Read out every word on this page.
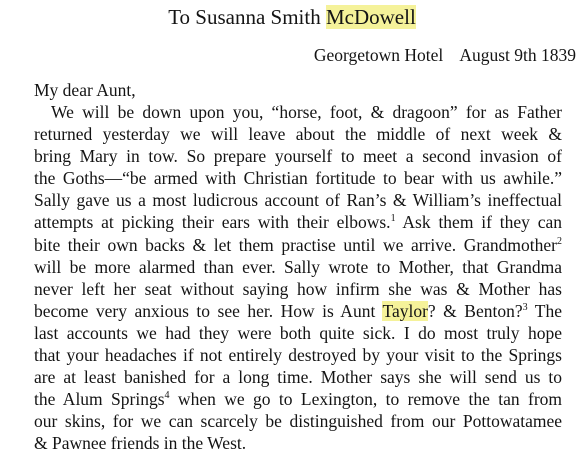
To Susanna Smith McDowell
Georgetown Hotel August 9th 1839
My dear Aunt,
We will be down upon you, “horse, foot, & dragoon” for as Father
returned yesterday we will leave about the middle of next week &
bring Mary in tow. So prepare yourself to meet a second invasion of
the Goths—“be armed with Christian fortitude to bear with us awhile.”
Sally gave us a most ludicrous account of Ran’s & William’s ineffectual
attempts at picking their ears with their elbows.$^1$ Ask them if they can
bite their own backs & let them practise until we arrive. Grandmother$^2$
will be more alarmed than ever. Sally wrote to Mother, that Grandma
never left her seat without saying how infirm she was & Mother has
become very anxious to see her. How is Aunt Taylor? & Benton?$^3$ The
last accounts we had they were both quite sick. I do most truly hope
that your headaches if not entirely destroyed by your visit to the Springs
are at least banished for a long time. Mother says she will send us to
the Alum Springs$^4$ when we go to Lexington, to remove the tan from
our skins, for we can scarcely be distinguished from our Pottowatamee
& Pawnee friends in the West.
